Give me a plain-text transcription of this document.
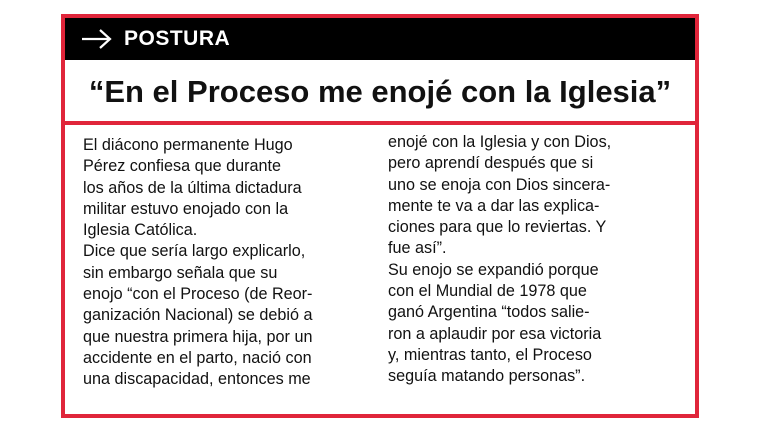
POSTURA
“En el Proceso me enojé con la Iglesia”

El diácono permanente Hugo

Pérez confiesa que durante

los años de la última dictadura

militar estuvo enojado con la

Iglesia Católica.

Dice que sería largo explicarlo,

sin embargo señala que su

enojo “con el Proceso (de Reor-

ganización Nacional) se debió a

que nuestra primera hija, por un

accidente en el parto, nació con

una discapacidad, entonces me

enojé con la Iglesia y con Dios,

pero aprendí después que si

uno se enoja con Dios sincera-

mente te va a dar las explica-

ciones para que lo reviertas. Y

fue así”.

Su enojo se expandió porque

con el Mundial de 1978 que

ganó Argentina “todos salie-

ron a aplaudir por esa victoria

y, mientras tanto, el Proceso

seguía matando personas”.
